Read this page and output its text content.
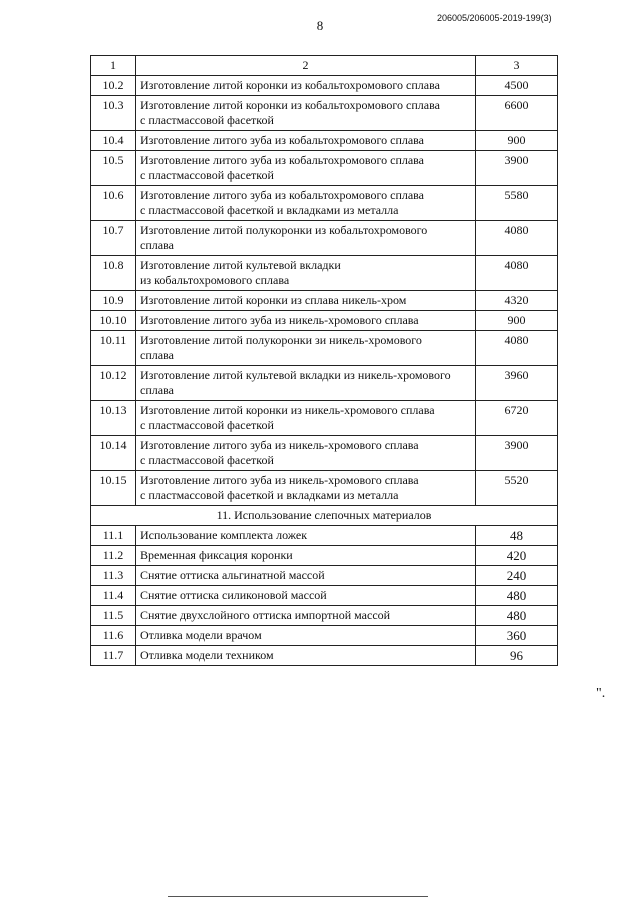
8	206005/206005-2019-199(3)
1	2	3
10.2	Изготовление литой коронки из кобальтохромового сплава	4500
10.3	Изготовление литой коронки из кобальтохромового сплава
с пластмассовой фасеткой	6600
10.4	Изготовление литого зуба из кобальтохромового сплава	900
10.5	Изготовление литого зуба из кобальтохромового сплава
с пластмассовой фасеткой	3900
10.6	Изготовление литого зуба из кобальтохромового сплава
с пластмассовой фасеткой и вкладками из металла	5580
10.7	Изготовление литой полукоронки из кобальтохромового
сплава	4080
10.8	Изготовление литой культевой вкладки
из кобальтохромового сплава	4080
10.9	Изготовление литой коронки из сплава никель-хром	4320
10.10	Изготовление литого зуба из никель-хромового сплава	900
10.11	Изготовление литой полукоронки зи никель-хромового
сплава	4080
10.12	Изготовление литой культевой вкладки из никель-хромового
сплава	3960
10.13	Изготовление литой коронки из никель-хромового сплава
с пластмассовой фасеткой	6720
10.14	Изготовление литого зуба из никель-хромового сплава
с пластмассовой фасеткой	3900
10.15	Изготовление литого зуба из никель-хромового сплава
с пластмассовой фасеткой и вкладками из металла	5520
11. Использование слепочных материалов		
11.1	Использование комплекта ложек	48
11.2	Временная фиксация коронки	420
11.3	Снятие оттиска альгинатной массой	240
11.4	Снятие оттиска силиконовой массой	480
11.5	Снятие двухслойного оттиска импортной массой	480
11.6	Отливка модели врачом	360
11.7	Отливка модели техником	96
".
